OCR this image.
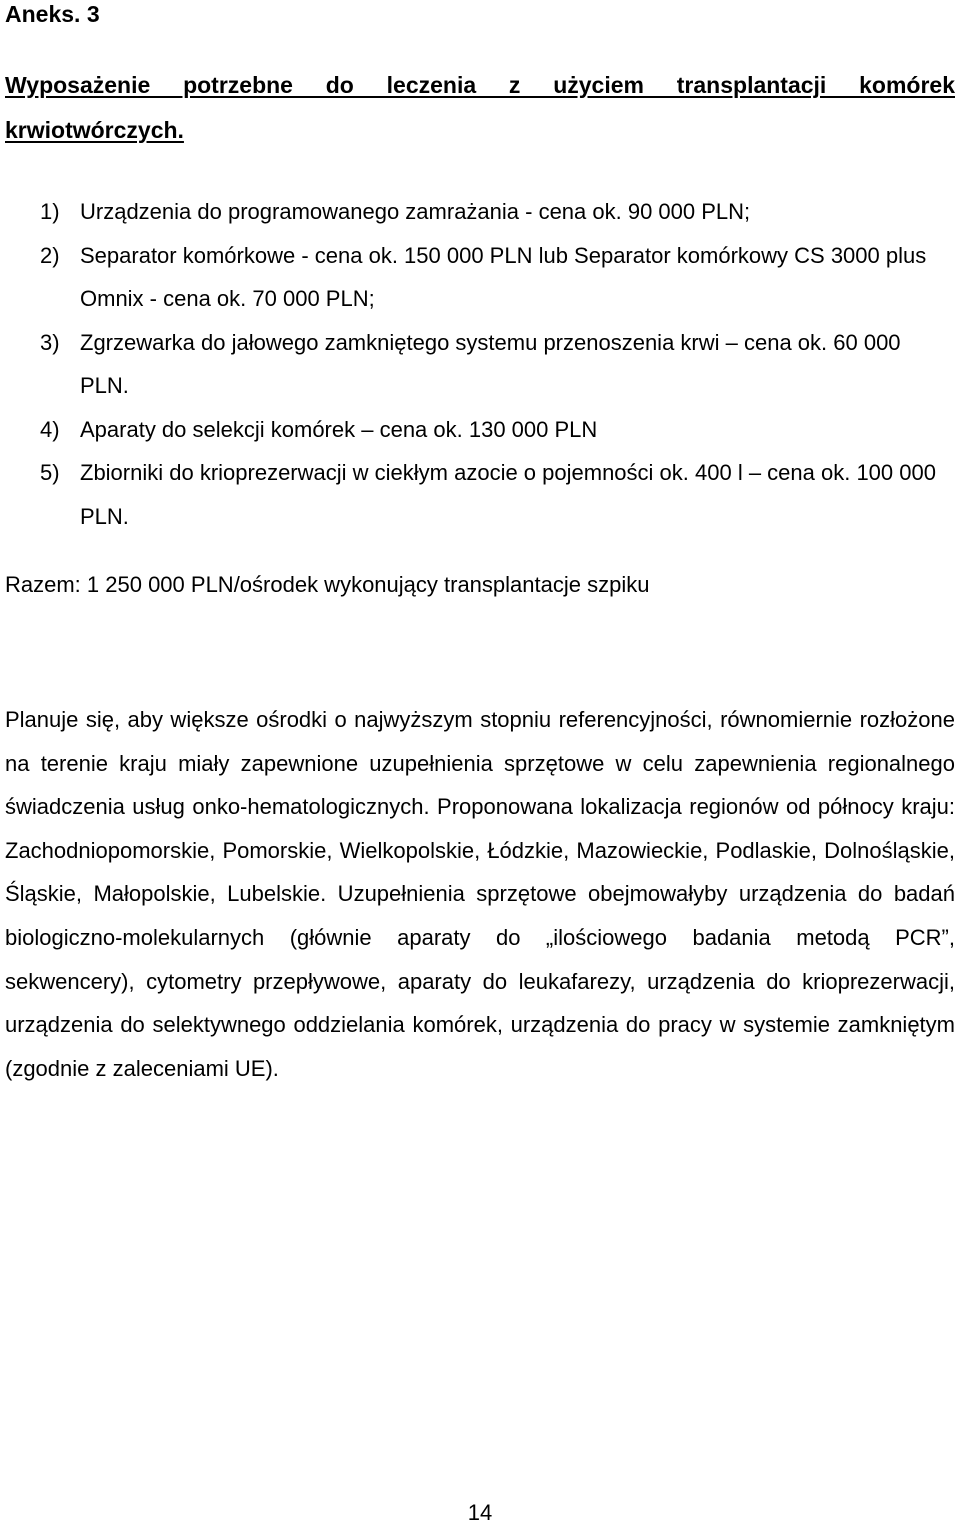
Aneks. 3
Wyposażenie potrzebne do leczenia z użyciem transplantacji komórek krwiotwórczych.
1) Urządzenia do programowanego zamrażania - cena ok. 90 000 PLN;
2) Separator komórkowe - cena ok. 150 000 PLN lub Separator komórkowy CS 3000 plus Omnix - cena ok. 70 000 PLN;
3) Zgrzewarka do jałowego zamkniętego systemu przenoszenia krwi – cena ok. 60 000 PLN.
4) Aparaty do selekcji komórek – cena ok. 130 000 PLN
5) Zbiorniki do krioprezerwacji w ciekłym azocie o pojemności ok. 400 l – cena ok. 100 000 PLN.
Razem: 1 250 000 PLN/ośrodek wykonujący transplantacje szpiku

Planuje się, aby większe ośrodki o najwyższym stopniu referencyjności, równomiernie rozłożone na terenie kraju miały zapewnione uzupełnienia sprzętowe w celu zapewnienia regionalnego świadczenia usług onko-hematologicznych. Proponowana lokalizacja regionów od północy kraju: Zachodniopomorskie, Pomorskie, Wielkopolskie, Łódzkie, Mazowieckie, Podlaskie, Dolnośląskie, Śląskie, Małopolskie, Lubelskie. Uzupełnienia sprzętowe obejmowałyby urządzenia do badań biologiczno-molekularnych (głównie aparaty do „ilościowego badania metodą PCR”, sekwencery), cytometry przepływowe, aparaty do leukafarezy, urządzenia do krioprezerwacji, urządzenia do selektywnego oddzielania komórek, urządzenia do pracy w systemie zamkniętym (zgodnie z zaleceniami UE).

14
